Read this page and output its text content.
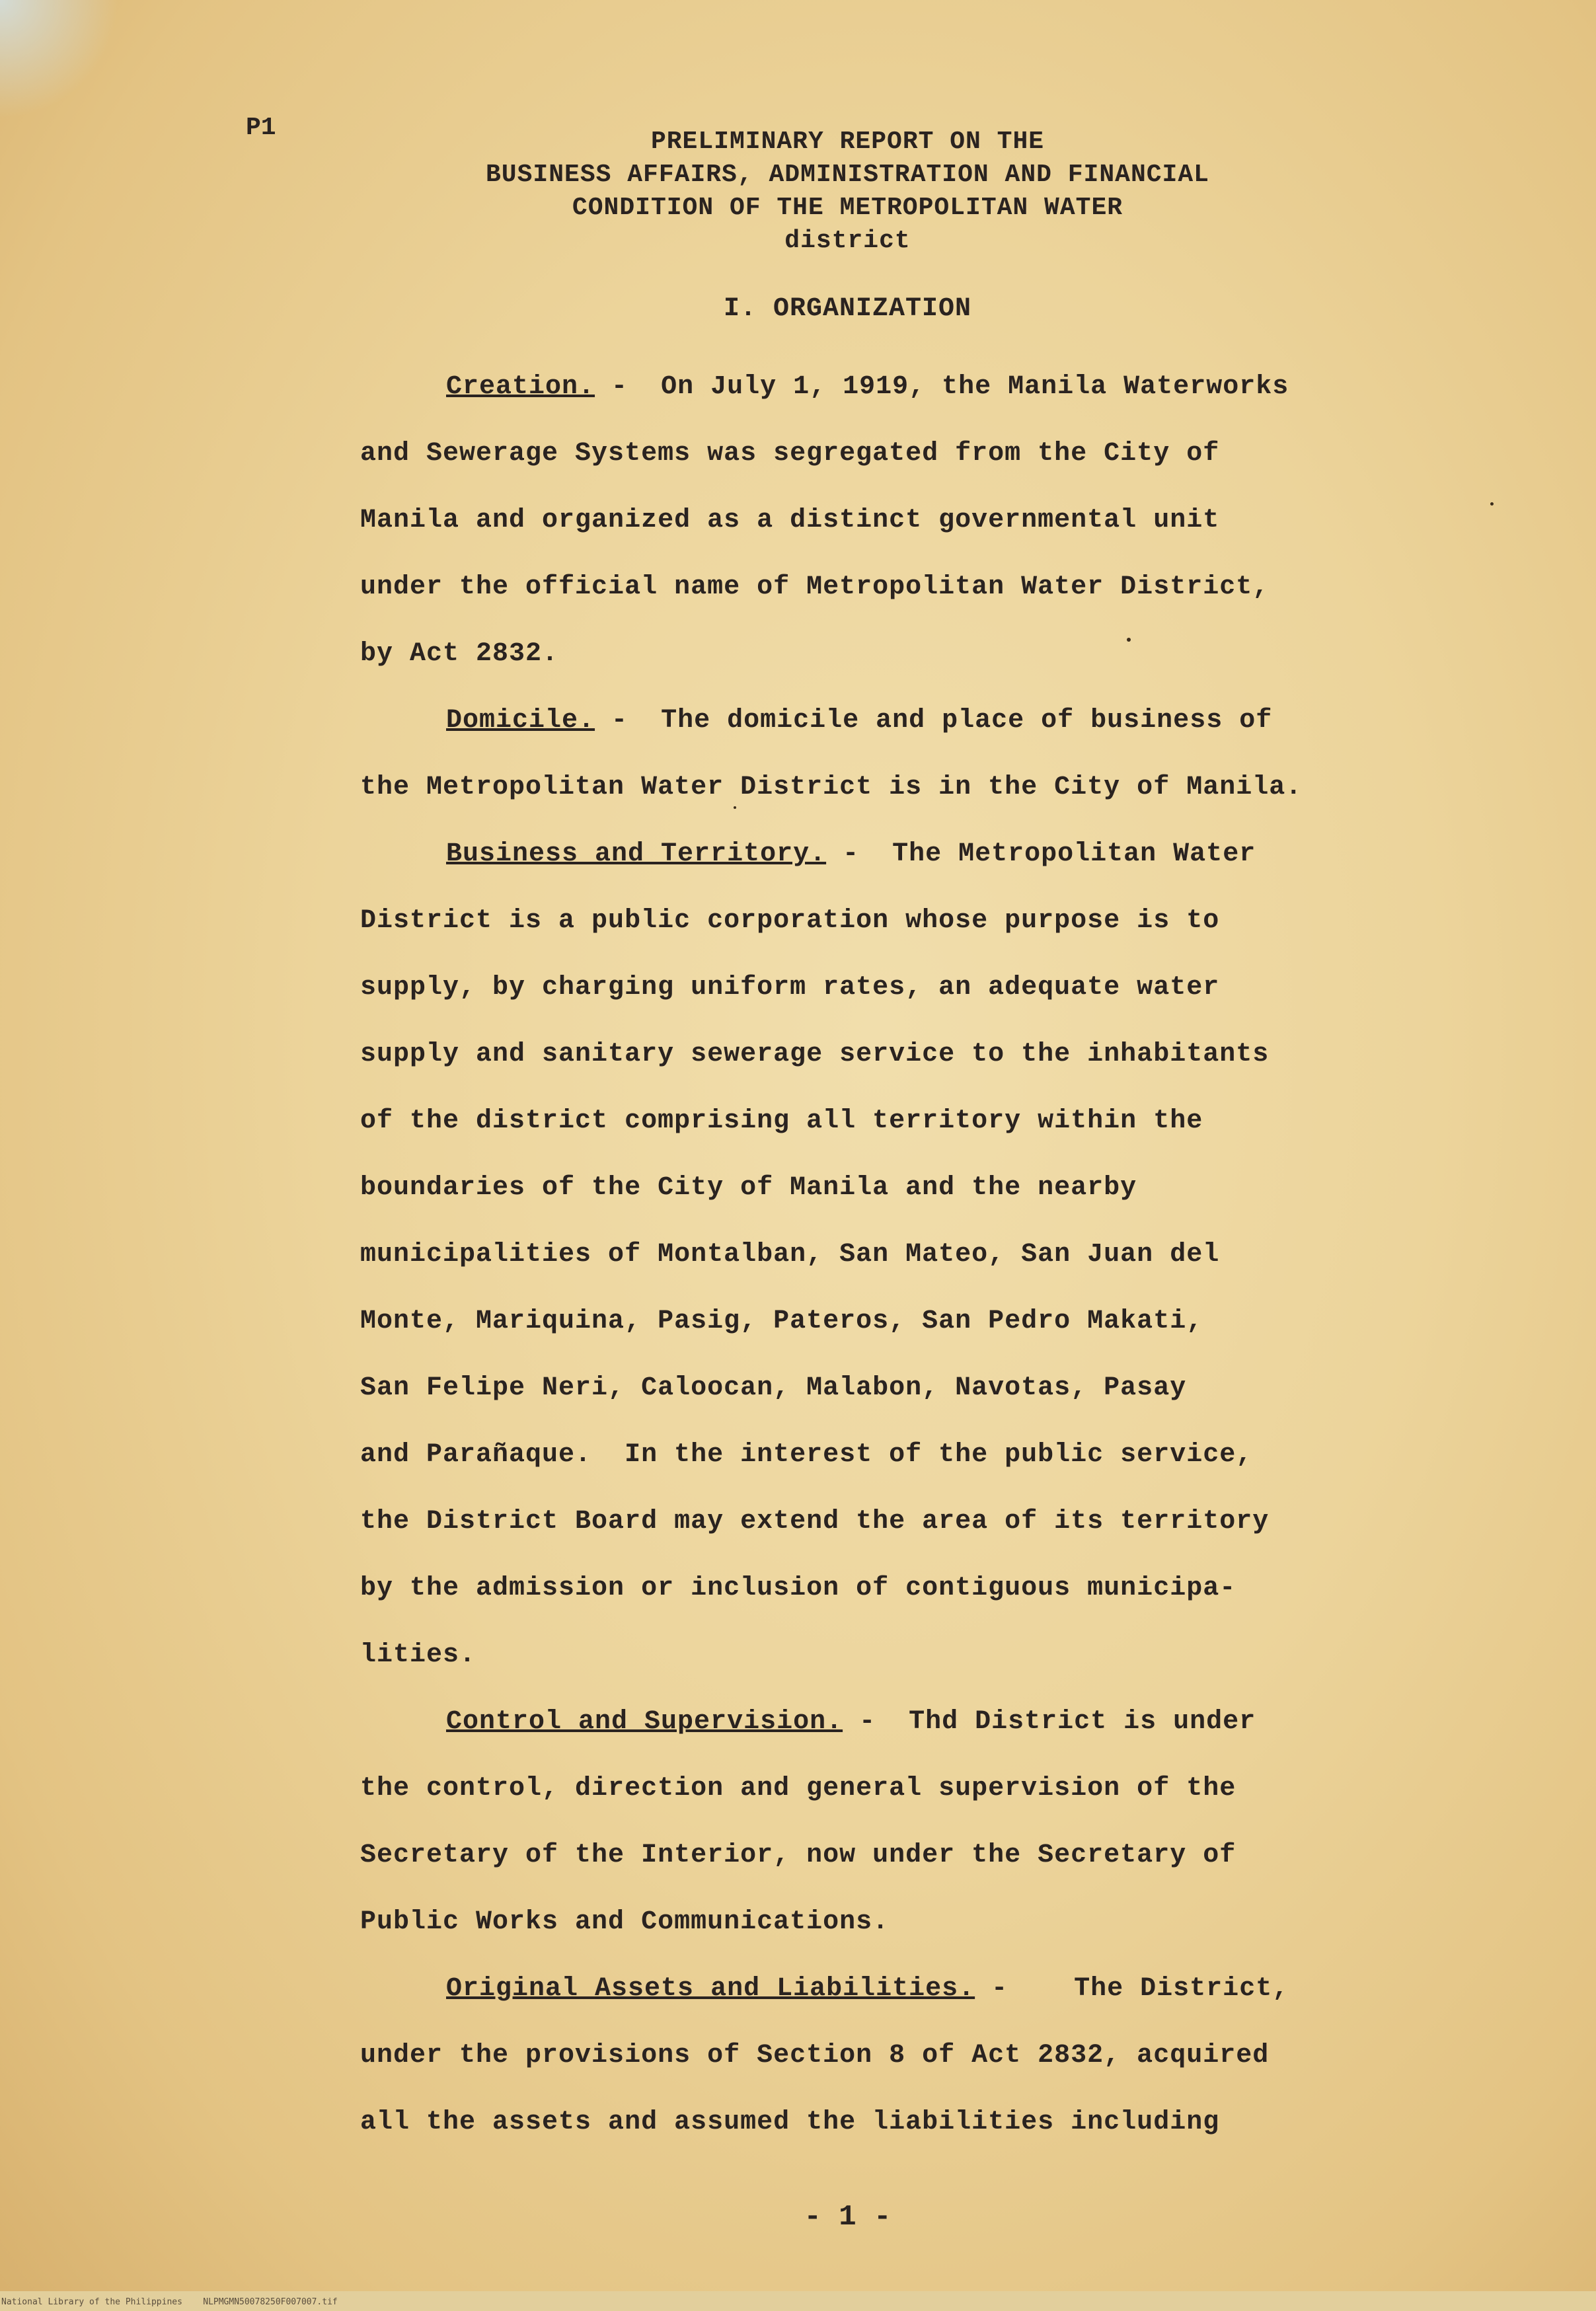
P1	PRELIMINARY REPORT ON THE
BUSINESS AFFAIRS, ADMINISTRATION AND FINANCIAL
CONDITION OF THE METROPOLITAN WATER
district
I. ORGANIZATION
Creation. -  On July 1, 1919, the Manila Waterworks
and Sewerage Systems was segregated from the City of
Manila and organized as a distinct governmental unit
under the official name of Metropolitan Water District,
by Act 2832.
Domicile. -  The domicile and place of business of
the Metropolitan Water District is in the City of Manila.
Business and Territory. -  The Metropolitan Water
District is a public corporation whose purpose is to
supply, by charging uniform rates, an adequate water
supply and sanitary sewerage service to the inhabitants
of the district comprising all territory within the
boundaries of the City of Manila and the nearby
municipalities of Montalban, San Mateo, San Juan del
Monte, Mariquina, Pasig, Pateros, San Pedro Makati,
San Felipe Neri, Caloocan, Malabon, Navotas, Pasay
and Parañaque.  In the interest of the public service,
the District Board may extend the area of its territory
by the admission or inclusion of contiguous municipa-
lities.
Control and Supervision. -  Thd District is under
the control, direction and general supervision of the
Secretary of the Interior, now under the Secretary of
Public Works and Communications.
Original Assets and Liabilities. -    The District,
under the provisions of Section 8 of Act 2832, acquired
all the assets and assumed the liabilities including
- 1 -
National Library of the Philippines    NLPMGMN50078250F007007.tif
